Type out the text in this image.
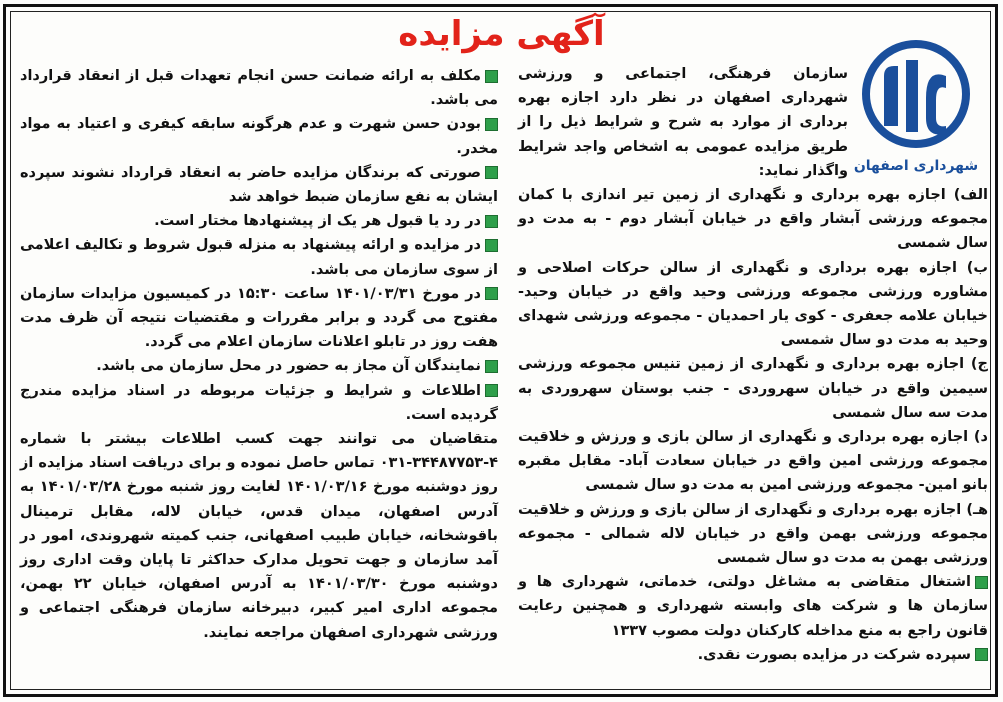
آگهی مزایده
شهرداری اصفهان

سازمان فرهنگی، اجتماعی و ورزشی شهرداری اصفهان در نظر دارد اجازه بهره برداری از موارد به شرح و شرایط ذیل را از طریق مزایده عمومی به اشخاص واجد شرایط واگذار نماید:

الف) اجازه بهره برداری و نگهداری از زمین تیر اندازی با کمان مجموعه ورزشی آبشار واقع در خیابان آبشار دوم - به مدت دو سال شمسی

ب) اجازه بهره برداری و نگهداری از سالن حرکات اصلاحی و مشاوره ورزشی مجموعه ورزشی وحید واقع در خیابان وحید- خیابان علامه جعفری - کوی یار احمدیان - مجموعه ورزشی شهدای وحید به مدت دو سال شمسی

ج) اجازه بهره برداری و نگهداری از زمین تنیس مجموعه ورزشی سیمین واقع در خیابان سهروردی - جنب بوستان سهروردی به مدت سه سال شمسی

د) اجازه بهره برداری و نگهداری از سالن بازی و ورزش و خلاقیت مجموعه ورزشی امین واقع در خیابان سعادت آباد- مقابل مقبره بانو امین- مجموعه ورزشی امین به مدت دو سال شمسی

هـ) اجازه بهره برداری و نگهداری از سالن بازی و ورزش و خلاقیت مجموعه ورزشی بهمن واقع در خیابان لاله شمالی - مجموعه ورزشی بهمن به مدت دو سال شمسی

اشتغال متقاضی به مشاغل دولتی، خدماتی، شهرداری ها و سازمان ها و شرکت های وابسته شهرداری و همچنین رعایت قانون راجع به منع مداخله کارکنان دولت مصوب ۱۳۳۷

سپرده شرکت در مزایده بصورت نقدی.

مکلف به ارائه ضمانت حسن انجام تعهدات قبل از انعقاد قرارداد می باشد.

بودن حسن شهرت و عدم هرگونه سابقه کیفری و اعتیاد به مواد مخدر.

صورتی که برندگان مزایده حاضر به انعقاد قرارداد نشوند سپرده ایشان به نفع سازمان ضبط خواهد شد

در رد یا قبول هر یک از پیشنهادها مختار است.

در مزایده و ارائه پیشنهاد به منزله قبول شروط و تکالیف اعلامی از سوی سازمان می باشد.

در مورخ ۱۴۰۱/۰۳/۳۱ ساعت ۱۵:۳۰ در کمیسیون مزایدات سازمان مفتوح می گردد و برابر مقررات و مقتضیات نتیجه آن ظرف مدت هفت روز در تابلو اعلانات سازمان اعلام می گردد.

نمایندگان آن مجاز به حضور در محل سازمان می باشد.

اطلاعات و شرایط و جزئیات مربوطه در اسناد مزایده مندرج گردیده است.

متقاضیان می توانند جهت کسب اطلاعات بیشتر با شماره ۴-۳۴۴۸۷۷۵۳-۰۳۱ تماس حاصل نموده و برای دریافت اسناد مزایده از روز دوشنبه مورخ ۱۴۰۱/۰۳/۱۶ لغایت روز شنبه مورخ ۱۴۰۱/۰۳/۲۸ به آدرس اصفهان، میدان قدس، خیابان لاله، مقابل ترمینال باقوشخانه، خیابان طبیب اصفهانی، جنب کمیته شهروندی، امور در آمد سازمان و جهت تحویل مدارک حداکثر تا پایان وقت اداری روز دوشنبه مورخ ۱۴۰۱/۰۳/۳۰ به آدرس اصفهان، خیابان ۲۲ بهمن، مجموعه اداری امیر کبیر، دبیرخانه سازمان فرهنگی اجتماعی و ورزشی شهرداری اصفهان مراجعه نمایند.
